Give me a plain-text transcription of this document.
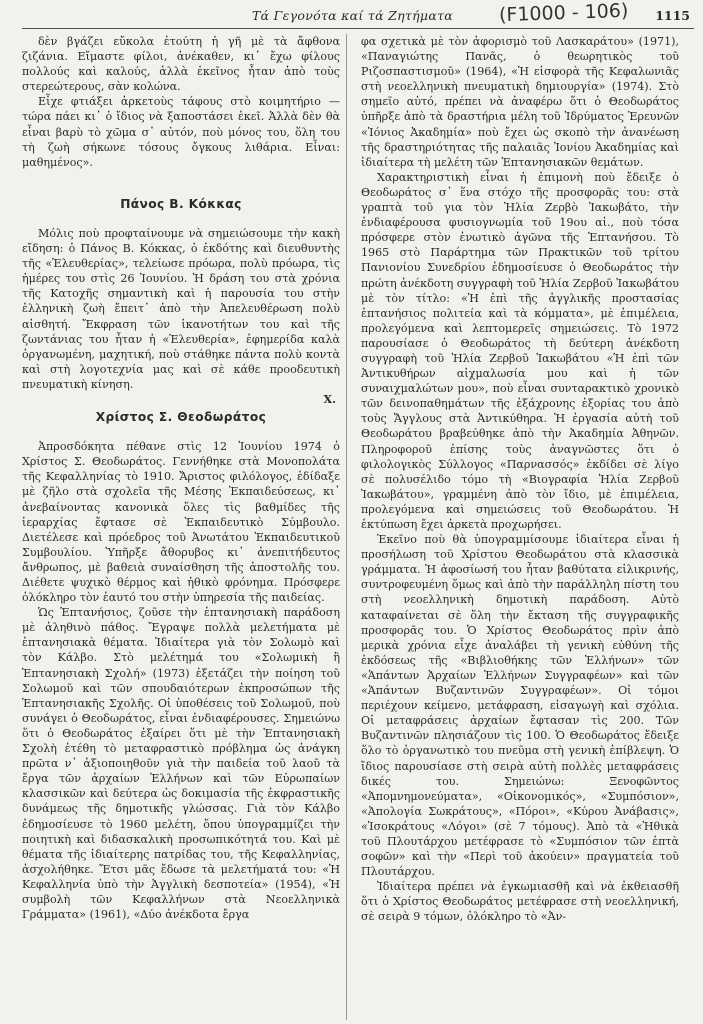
Τά Γεγονότα καί τά Ζητήματα (F1000 - 106) 1115

δὲν βγάζει εὔκολα ἐτούτη ἡ γῆ μὲ τὰ ἄφθονα ζιζάνια. Εἴμαστε φίλοι, ἀνέκαθεν, κι᾿ ἔχω φίλους πολλούς καὶ καλούς, ἀλλὰ ἐκεῖνος ἦταν ἀπὸ τοὺς στερεώτερους, σὰν κολώνα.

Εἶχε φτιάξει ἀρκετοὺς τάφους στὸ κοιμητήριο — τώρα πάει κι᾿ ὁ ἴδιος νὰ ξαποστάσει ἐκεῖ. Ἀλλὰ δὲν θὰ εἶναι βαρὺ τὸ χῶμα σ᾿ αὐτόν, ποὺ μόνος του, ὅλη του τὴ ζωὴ σήκωνε τόσους ὄγκους λιθάρια. Εἶναι: μαθημένος».

Πάνος Β. Κόκκας

Μόλις ποὺ προφταίνουμε νὰ σημειώσουμε τὴν κακὴ εἴδηση: ὁ Πάνος Β. Κόκκας, ὁ ἐκδότης καὶ διευθυντὴς τῆς «Ἐλευθερίας», τελείωσε πρόωρα, πολὺ πρόωρα, τὶς ἡμέρες του στὶς 26 Ἰουνίου. Ἡ δράση του στὰ χρόνια τῆς Κατοχῆς σημαντικὴ καὶ ἡ παρουσία του στὴν ἑλληνικὴ ζωὴ ἔπειτ᾿ ἀπὸ τὴν Ἀπελευθέρωση πολὺ αἰσθητή. Ἔκφραση τῶν ἱκανοτήτων του καὶ τῆς ζωντάνιας του ἦταν ἡ «Ἐλευθερία», ἐφημερίδα καλὰ ὀργανωμένη, μαχητική, ποὺ στάθηκε πάντα πολὺ κοντὰ καὶ στὴ λογοτεχνία μας καὶ σὲ κάθε προοδευτικὴ πνευματικὴ κίνηση.

Χ.
Χρίστος Σ. Θεοδωράτος

Ἀπροσδόκητα πέθανε στὶς 12 Ἰουνίου 1974 ὁ Χρίστος Σ. Θεοδωράτος. Γεννήθηκε στὰ Μονοπολάτα τῆς Κεφαλληνίας τὸ 1910. Ἄριστος φιλόλογος, ἐδίδαξε μὲ ζῆλο στὰ σχολεῖα τῆς Μέσης Ἐκπαιδεύσεως, κι᾿ ἀνεβαίνοντας κανονικὰ ὅλες τὶς βαθμίδες τῆς ἱεραρχίας ἔφτασε σὲ Ἐκπαιδευτικὸ Σύμβουλο. Διετέλεσε καὶ πρόεδρος τοῦ Ἀνωτάτου Ἐκπαιδευτικοῦ Συμβουλίου. Ὑπῆρξε ἄθορυβος κι᾿ ἀνεπιτήδευτος ἄνθρωπος, μὲ βαθειὰ συναίσθηση τῆς ἀποστολῆς του. Διέθετε ψυχικὸ θέρμος καὶ ἠθικὸ φρόνημα. Πρόσφερε ὁλόκληρο τὸν ἑαυτό του στὴν ὑπηρεσία τῆς παιδείας.

Ὡς Ἑπτανήσιος, ζοῦσε τὴν ἑπτανησιακὴ παράδοση μὲ ἀληθινὸ πάθος. Ἔγραψε πολλὰ μελετήματα μὲ ἑπτανησιακὰ θέματα. Ἰδιαίτερα γιὰ τὸν Σολωμὸ καὶ τὸν Κάλβο. Στὸ μελέτημά του «Σολωμικὴ ἢ Ἑπτανησιακὴ Σχολή» (1973) ἐξετάζει τὴν ποίηση τοῦ Σολωμοῦ καὶ τῶν σπουδαιότερων ἐκπροσώπων τῆς Ἑπτανησιακῆς Σχολῆς. Οἱ ὑποθέσεις τοῦ Σολωμοῦ, ποὺ συνάγει ὁ Θεοδωράτος, εἶναι ἐνδιαφέρουσες. Σημειώνω ὅτι ὁ Θεοδωράτος ἐξαίρει ὅτι μὲ τὴν Ἑπτανησιακὴ Σχολὴ ἐτέθη τὸ μεταφραστικὸ πρόβλημα ὡς ἀνάγκη πρῶτα ν᾿ ἀξιοποιηθοῦν γιὰ τὴν παιδεία τοῦ λαοῦ τὰ ἔργα τῶν ἀρχαίων Ἑλλήνων καὶ τῶν Εὐρωπαίων κλασσικῶν καὶ δεύτερα ὡς δοκιμασία τῆς ἐκφραστικῆς δυνάμεως τῆς δημοτικῆς γλώσσας. Γιὰ τὸν Κάλβο ἐδημοσίευσε τὸ 1960 μελέτη, ὅπου ὑπογραμμίζει τὴν ποιητικὴ καὶ διδασκαλικὴ προσωπικότητά του. Καὶ μὲ θέματα τῆς ἰδιαίτερης πατρίδας του, τῆς Κεφαλληνίας, ἀσχολήθηκε. Ἔτσι μᾶς ἔδωσε τὰ μελετήματά του: «Ἡ Κεφαλληνία ὑπὸ τὴν Ἀγγλικὴ δεσποτεία» (1954), «Ἡ συμβολὴ τῶν Κεφαλλήνων στὰ Νεοελληνικὰ Γράμματα» (1961), «Δύο ἀνέκδοτα ἔργα

φα σχετικὰ μὲ τὸν ἀφορισμὸ τοῦ Λασκαράτου» (1971), «Παναγιώτης Πανᾶς, ὁ θεωρητικὸς τοῦ Ριζοσπαστισμοῦ» (1964), «Ἡ εἰσφορὰ τῆς Κεφαλωνιᾶς στὴ νεοελληνικὴ πνευματικὴ δημιουργία» (1974). Στὸ σημεῖο αὐτό, πρέπει νὰ ἀναφέρω ὅτι ὁ Θεοδωράτος ὑπῆρξε ἀπὸ τὰ δραστήρια μέλη τοῦ Ἱδρύματος Ἐρευνῶν «Ἰόνιος Ἀκαδημία» ποὺ ἔχει ὡς σκοπὸ τὴν ἀνανέωση τῆς δραστηριότητας τῆς παλαιᾶς Ἰονίου Ἀκαδημίας καὶ ἰδιαίτερα τὴ μελέτη τῶν Ἑπτανησιακῶν θεμάτων.

Χαρακτηριστικὴ εἶναι ἡ ἐπιμονὴ ποὺ ἔδειξε ὁ Θεοδωράτος σ᾿ ἕνα στόχο τῆς προσφορᾶς του: στὰ γραπτὰ τοῦ για τὸν Ἠλία Ζερβὸ Ἰακωβάτο, τὴν ἐνδιαφέρουσα φυσιογνωμία τοῦ 19ου αἰ., ποὺ τόσα πρόσφερε στὸν ἑνωτικὸ ἀγῶνα τῆς Ἑπτανήσου. Τὸ 1965 στὸ Παράρτημα τῶν Πρακτικῶν τοῦ τρίτου Πανιονίου Συνεδρίου ἐδημοσίευσε ὁ Θεοδωράτος τὴν πρώτη ἀνέκδοτη συγγραφὴ τοῦ Ἠλία Ζερβοῦ Ἰακωβάτου μὲ τὸν τίτλο: «Ἡ ἐπὶ τῆς ἀγγλικῆς προστασίας ἑπτανήσιος πολιτεία καὶ τὰ κόμματα», μὲ ἐπιμέλεια, προλεγόμενα καὶ λεπτομερεῖς σημειώσεις. Τὸ 1972 παρουσίασε ὁ Θεοδωράτος τὴ δεύτερη ἀνέκδοτη συγγραφὴ τοῦ Ἠλία Ζερβοῦ Ἰακωβάτου «Ἡ ἐπὶ τῶν Ἀντικυθήρων αἰχμαλωσία μου καὶ ἡ τῶν συναιχμαλώτων μου», ποὺ εἶναι συνταρακτικὸ χρονικὸ τῶν δεινοπαθημάτων τῆς ἐξάχρονης ἐξορίας του ἀπὸ τοὺς Ἄγγλους στὰ Ἀντικύθηρα. Ἡ ἐργασία αὐτὴ τοῦ Θεοδωράτου βραβεύθηκε ἀπὸ τὴν Ἀκαδημία Ἀθηνῶν. Πληροφοροῦ ἐπίσης τοὺς ἀναγνῶστες ὅτι ὁ φιλολογικὸς Σύλλογος «Παρνασσός» ἐκδίδει σὲ λίγο σὲ πολυσέλιδο τόμο τὴ «Βιογραφία Ἠλία Ζερβοῦ Ἰακωβάτου», γραμμένη ἀπὸ τὸν ἴδιο, μὲ ἐπιμέλεια, προλεγόμενα καὶ σημειώσεις τοῦ Θεοδωράτου. Ἡ ἐκτύπωση ἔχει ἀρκετὰ προχωρήσει.

Ἐκεῖνο ποὺ θὰ ὑπογραμμίσουμε ἰδιαίτερα εἶναι ἡ προσήλωση τοῦ Χρίστου Θεοδωράτου στὰ κλασσικὰ γράμματα. Ἡ ἀφοσίωσή του ἦταν βαθύτατα εἰλικρινής, συντροφευμένη ὅμως καὶ ἀπὸ τὴν παράλληλη πίστη του στὴ νεοελληνικὴ δημοτικὴ παράδοση. Αὐτὸ καταφαίνεται σὲ ὅλη τὴν ἔκταση τῆς συγγραφικῆς προσφορᾶς του. Ὁ Χρίστος Θεοδωράτος πρὶν ἀπὸ μερικὰ χρόνια εἶχε ἀναλάβει τὴ γενικὴ εὐθύνη τῆς ἐκδόσεως τῆς «Βιβλιοθήκης τῶν Ἑλλήνων» τῶν «Ἁπάντων Ἀρχαίων Ἑλλήνων Συγγραφέων» καὶ τῶν «Ἁπάντων Βυζαντινῶν Συγγραφέων». Οἱ τόμοι περιέχουν κείμενο, μετάφραση, εἰσαγωγὴ καὶ σχόλια. Οἱ μεταφράσεις ἀρχαίων ἔφτασαν τὶς 200. Τῶν Βυζαντινῶν πλησιάζουν τὶς 100. Ὁ Θεοδωράτος ἔδειξε ὅλο τὸ ὀργανωτικὸ του πνεῦμα στὴ γενικὴ ἐπίβλεψη. Ὁ ἴδιος παρουσίασε στὴ σειρὰ αὐτὴ πολλὲς μεταφράσεις δικές του. Σημειώνω: Ξενοφῶντος «Ἀπομνημονεύματα», «Οἰκονομικός», «Συμπόσιον», «Ἀπολογία Σωκράτους», «Πόροι», «Κύρου Ἀνάβασις», «Ἰσοκράτους «Λόγοι» (σὲ 7 τόμους). Ἀπὸ τὰ «Ἠθικὰ τοῦ Πλουτάρχου μετέφρασε τὸ «Συμπόσιον τῶν ἑπτὰ σοφῶν» καὶ τὴν «Περὶ τοῦ ἀκούειν» πραγματεία τοῦ Πλουτάρχου.

Ἰδιαίτερα πρέπει νὰ ἐγκωμιασθῆ καὶ νὰ ἐκθειασθῆ ὅτι ὁ Χρίστος Θεοδωράτος μετέφρασε στὴ νεοελληνική, σὲ σειρὰ 9 τόμων, ὁλόκληρο τὸ «Ἀν-
